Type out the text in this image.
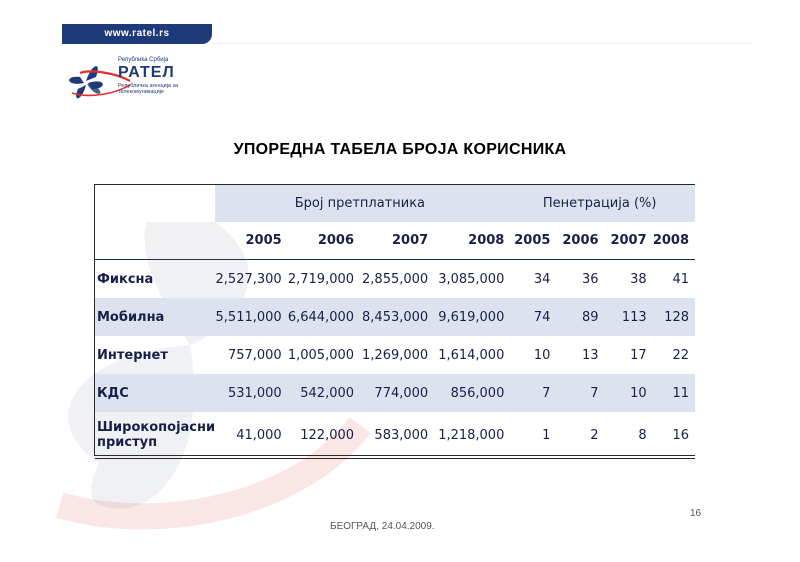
www.ratel.rs
Република Србија
РАТЕЛ
Републичка агенција за телекомуникације
УПОРЕДНА ТАБЕЛА БРОЈА КОРИСНИКА
	Број претплатника				Пенетрација (%)			
	2005	2006	2007	2008	2005	2006	2007	2008
Фиксна	2,527,300	2,719,000	2,855,000	3,085,000	34	36	38	41
Мобилна	5,511,000	6,644,000	8,453,000	9,619,000	74	89	113	128
Интернет	757,000	1,005,000	1,269,000	1,614,000	10	13	17	22
КДС	531,000	542,000	774,000	856,000	7	7	10	11
Широкопојасни
приступ	41,000	122,000	583,000	1,218,000	1	2	8	16
16
БЕОГРАД, 24.04.2009.
